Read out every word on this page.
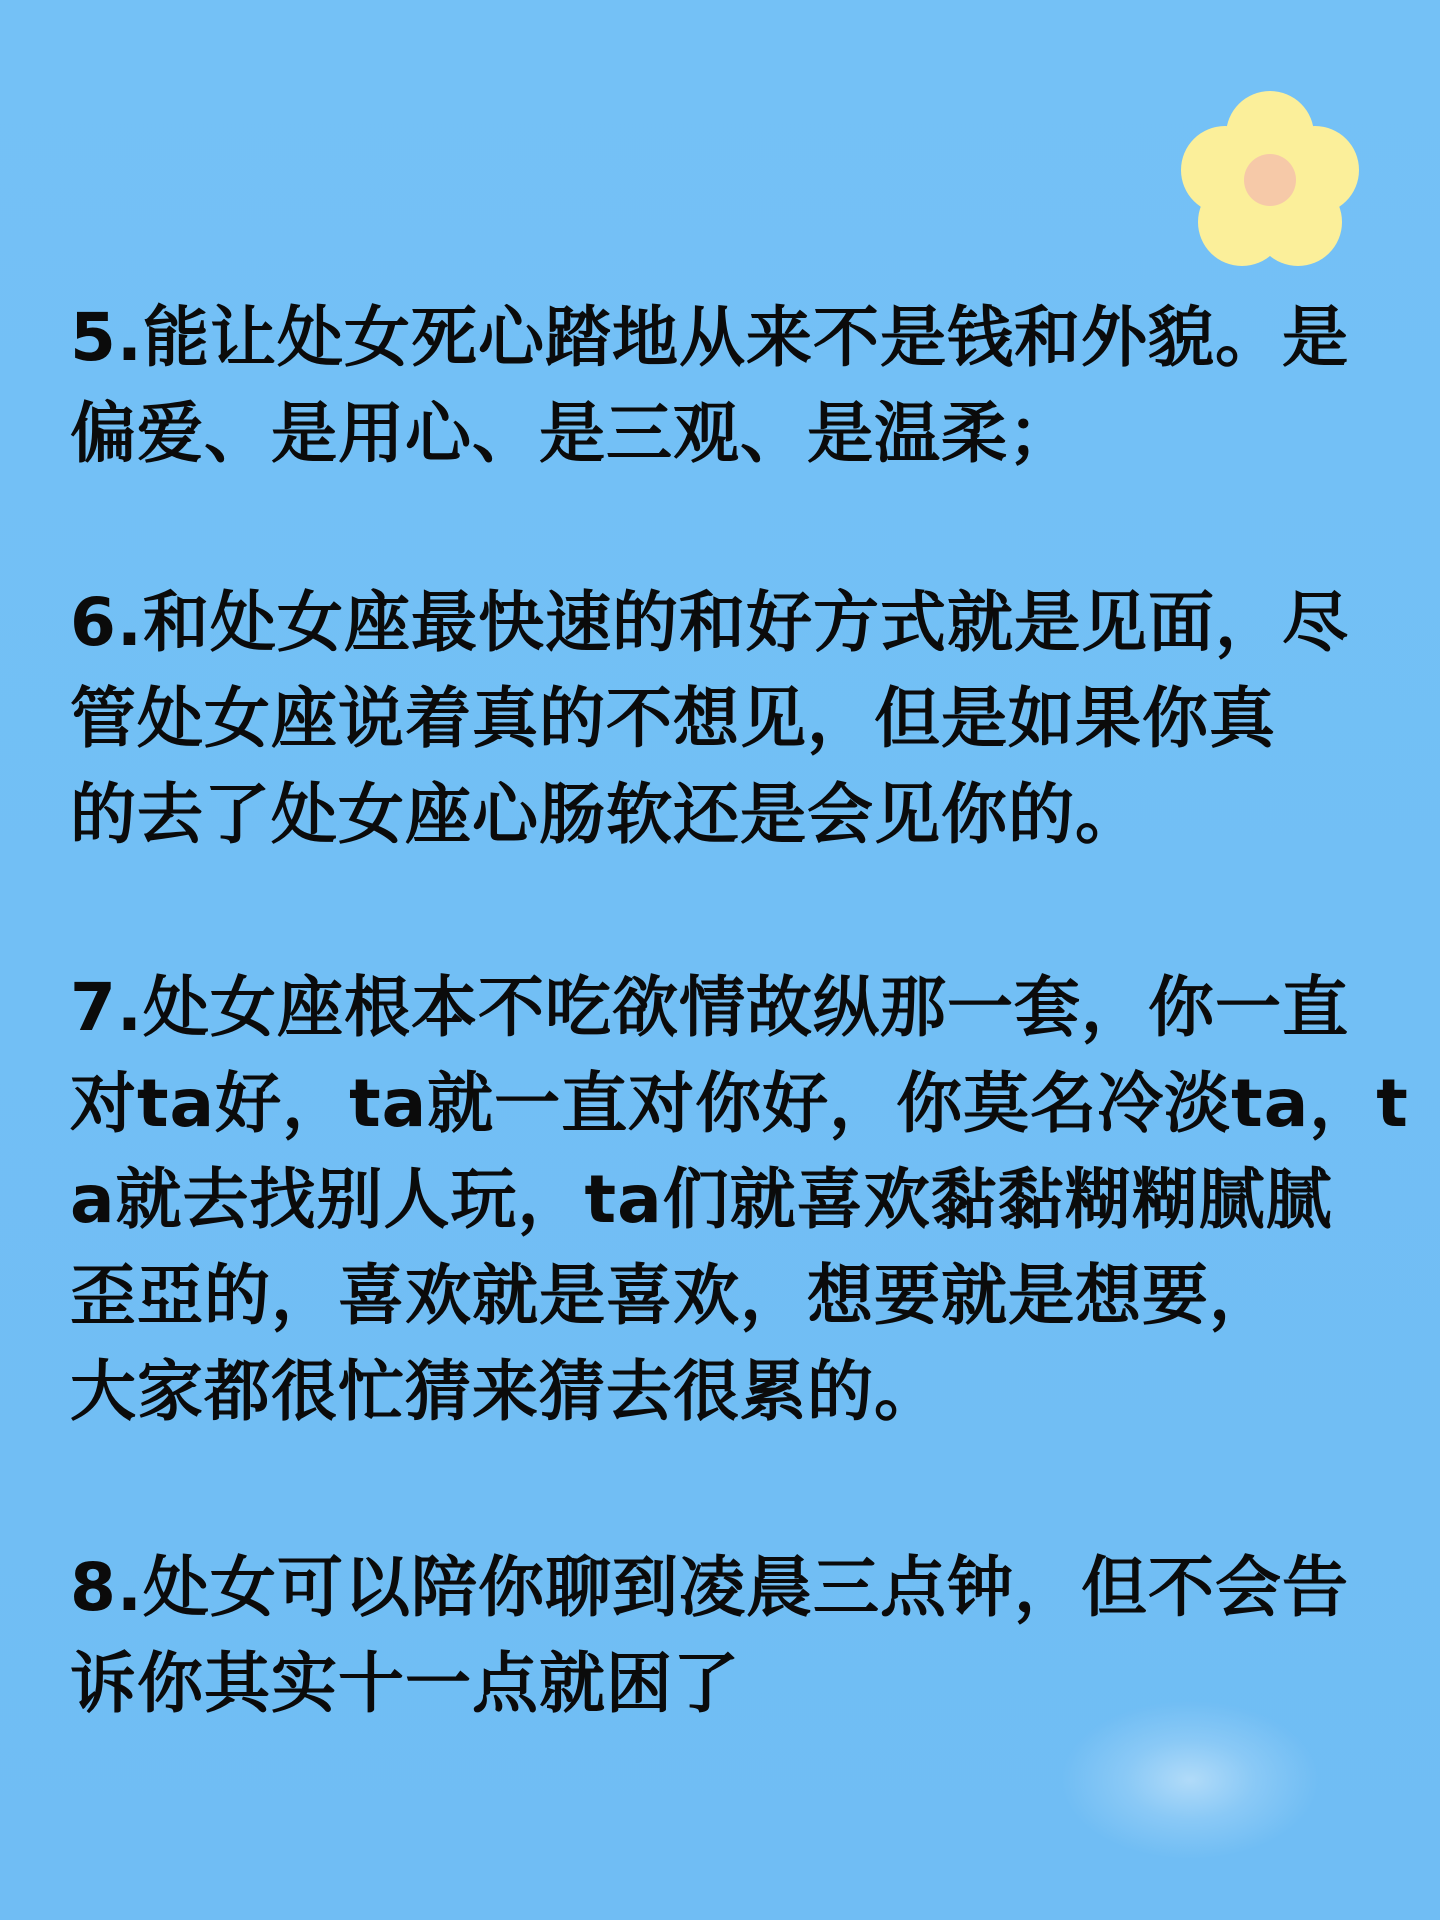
5.能让处女死心踏地从来不是钱和外貌。是
偏爱、是用心、是三观、是温柔；
6.和处女座最快速的和好方式就是见面，尽
管处女座说着真的不想见，但是如果你真
的去了处女座心肠软还是会见你的。
7.处女座根本不吃欲情故纵那一套，你一直
对ta好，ta就一直对你好，你莫名冷淡ta，t
a就去找别人玩，ta们就喜欢黏黏糊糊腻腻
歪亞的，喜欢就是喜欢，想要就是想要，
大家都很忙猜来猜去很累的。
8.处女可以陪你聊到凌晨三点钟，但不会告
诉你其实十一点就困了
